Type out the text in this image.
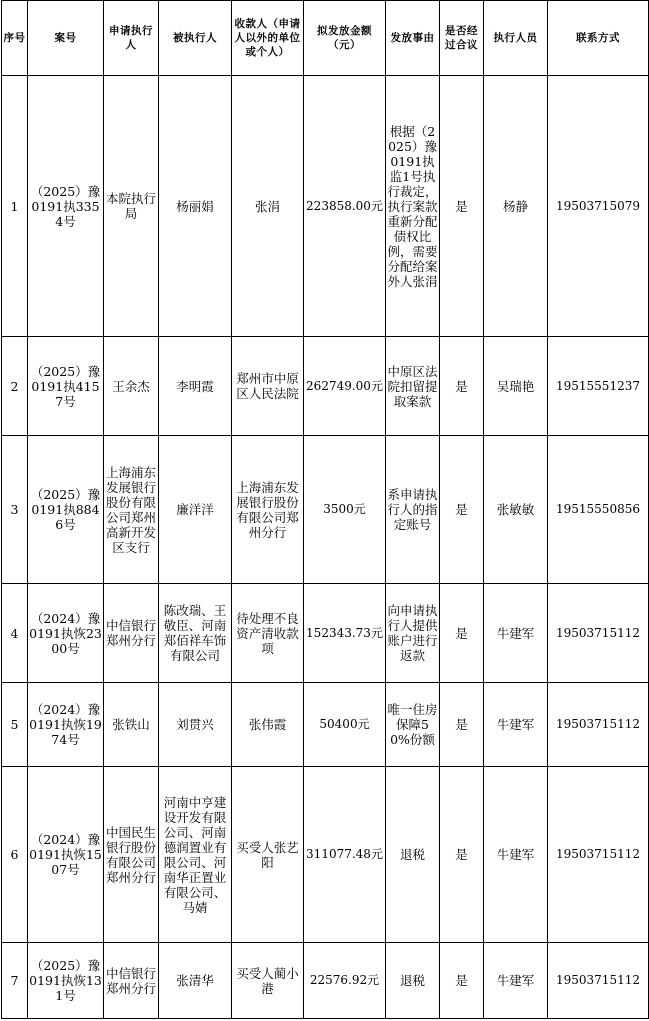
序号	案号	申请执行人	被执行人	收款人（申请人以外的单位或个人）	拟发放金额（元）	发放事由	是否经过合议	执行人员	联系方式
1	（2025）豫0191执3354号	本院执行局	杨丽娟	张涓	223858.00元	根据（2025）豫0191执监1号执行裁定，执行案款重新分配债权比例，需要分配给案外人张涓	是	杨静	19503715079
2	（2025）豫0191执4157号	王余杰	李明霞	郑州市中原区人民法院	262749.00元	中原区法院扣留提取案款	是	吴瑞艳	19515551237
3	（2025）豫0191执8846号	上海浦东发展银行股份有限公司郑州高新开发区支行	廉洋洋	上海浦东发展银行股份有限公司郑州分行	3500元	系申请执行人的指定账号	是	张敏敏	19515550856
4	（2024）豫0191执恢2300号	中信银行郑州分行	陈改瑞、王敬臣、河南郑佰祥车饰有限公司	待处理不良资产清收款项	152343.73元	向申请执行人提供账户进行返款	是	牛建军	19503715112
5	（2024）豫0191执恢1974号	张铁山	刘贯兴	张伟霞	50400元	唯一住房保障50%份额	是	牛建军	19503715112
6	（2024）豫0191执恢1507号	中国民生银行股份有限公司郑州分行	河南中亨建设开发有限公司、河南德润置业有限公司、河南华正置业有限公司、马婧	买受人张艺阳	311077.48元	退税	是	牛建军	19503715112
7	（2025）豫0191执恢131号	中信银行郑州分行	张清华	买受人蔺小港	22576.92元	退税	是	牛建军	19503715112
